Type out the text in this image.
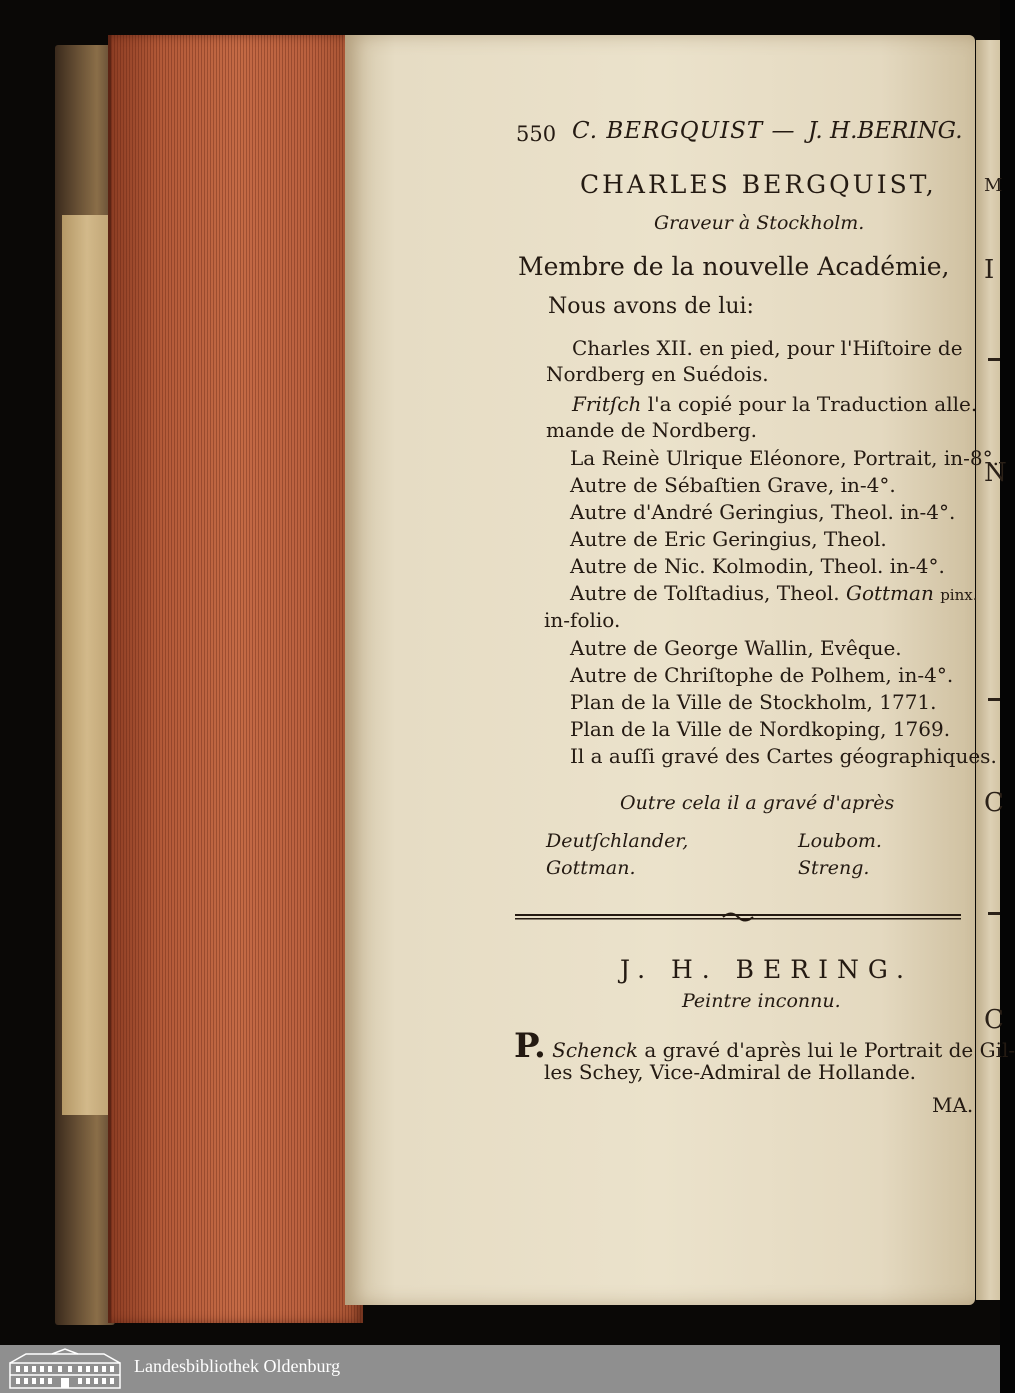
M
I
N
C
C
550 C. BERGQUIST — J. H.BERING.
CHARLES BERGQUIST,
Graveur à Stockholm.
Membre de la nouvelle Académie,
Nous avons de lui:
Charles XII. en pied, pour l'Hiſtoire de
Nordberg en Suédois.
Fritſch l'a copié pour la Traduction alle.
mande de Nordberg.
La Reinè Ulrique Eléonore, Portrait, in-8°.
Autre de Sébaſtien Grave, in-4°.
Autre d'André Geringius, Theol. in-4°.
Autre de Eric Geringius, Theol.
Autre de Nic. Kolmodin, Theol. in-4°.
Autre de Tolſtadius, Theol. Gottman pinx.
in-folio.
Autre de George Wallin, Evêque.
Autre de Chriſtophe de Polhem, in-4°.
Plan de la Ville de Stockholm, 1771.
Plan de la Ville de Nordkoping, 1769.
Il a auſſi gravé des Cartes géographiques.
Outre cela il a gravé d'après
Deutſchlander,
Gottman.
Loubom.
Streng.
J. H. BERING.
Peintre inconnu.
P. Schenck a gravé d'après lui le Portrait de Gil-
les Schey, Vice-Admiral de Hollande.
MA.
Landesbibliothek Oldenburg
